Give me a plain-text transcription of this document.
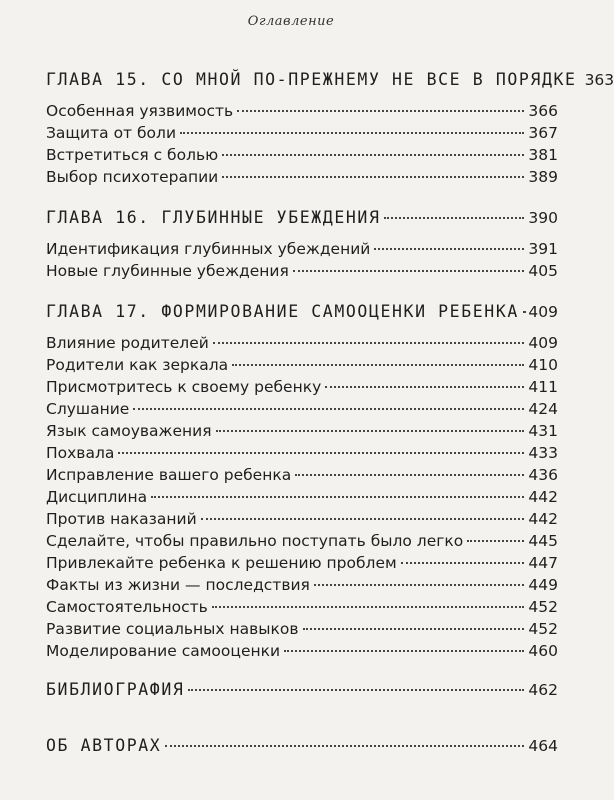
Оглавление
ГЛАВА 15. СО МНОЙ ПО-ПРЕЖНЕМУ НЕ ВСЕ В ПОРЯДКЕ 363
Особенная уязвимость	366
Защита от боли	367
Встретиться с болью	381
Выбор психотерапии	389
ГЛАВА 16. ГЛУБИННЫЕ УБЕЖДЕНИЯ	390
Идентификация глубинных убеждений	391
Новые глубинные убеждения	405
ГЛАВА 17. ФОРМИРОВАНИЕ САМООЦЕНКИ РЕБЕНКА 409
Влияние родителей	409
Родители как зеркала	410
Присмотритесь к своему ребенку	411
Слушание	424
Язык самоуважения	431
Похвала	433
Исправление вашего ребенка	436
Дисциплина	442
Против наказаний	442
Сделайте, чтобы правильно поступать было легко	445
Привлекайте ребенка к решению проблем	447
Факты из жизни — последствия	449
Самостоятельность	452
Развитие социальных навыков	452
Моделирование самооценки	460
БИБЛИОГРАФИЯ	462
ОБ АВТОРАХ	464
